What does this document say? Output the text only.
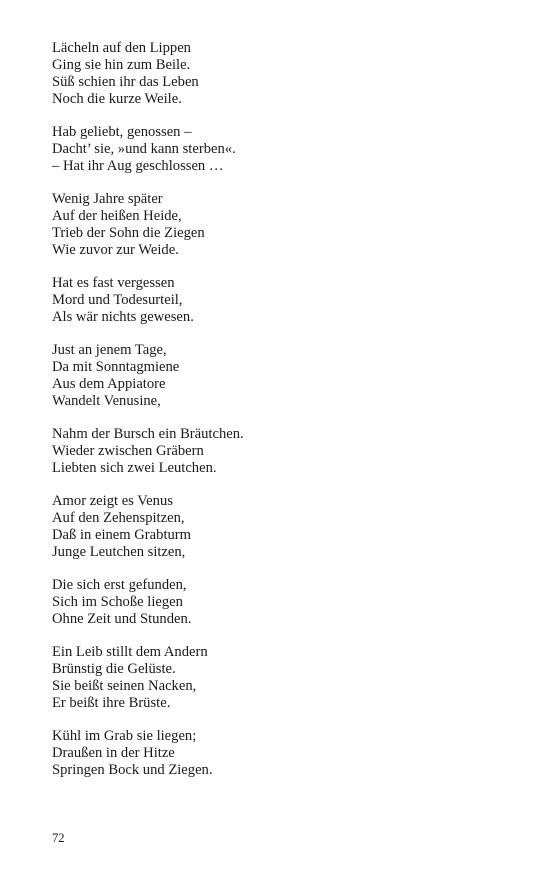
Lächeln auf den Lippen
Ging sie hin zum Beile.
Süß schien ihr das Leben
Noch die kurze Weile.
Hab geliebt, genossen –
Dacht’ sie, »und kann sterben«.
– Hat ihr Aug geschlossen …
Wenig Jahre später
Auf der heißen Heide,
Trieb der Sohn die Ziegen
Wie zuvor zur Weide.
Hat es fast vergessen
Mord und Todesurteil,
Als wär nichts gewesen.
Just an jenem Tage,
Da mit Sonntagmiene
Aus dem Appiatore
Wandelt Venusine,
Nahm der Bursch ein Bräutchen.
Wieder zwischen Gräbern
Liebten sich zwei Leutchen.
Amor zeigt es Venus
Auf den Zehenspitzen,
Daß in einem Grabturm
Junge Leutchen sitzen,
Die sich erst gefunden,
Sich im Schoße liegen
Ohne Zeit und Stunden.
Ein Leib stillt dem Andern
Brünstig die Gelüste.
Sie beißt seinen Nacken,
Er beißt ihre Brüste.
Kühl im Grab sie liegen;
Draußen in der Hitze
Springen Bock und Ziegen.
72
